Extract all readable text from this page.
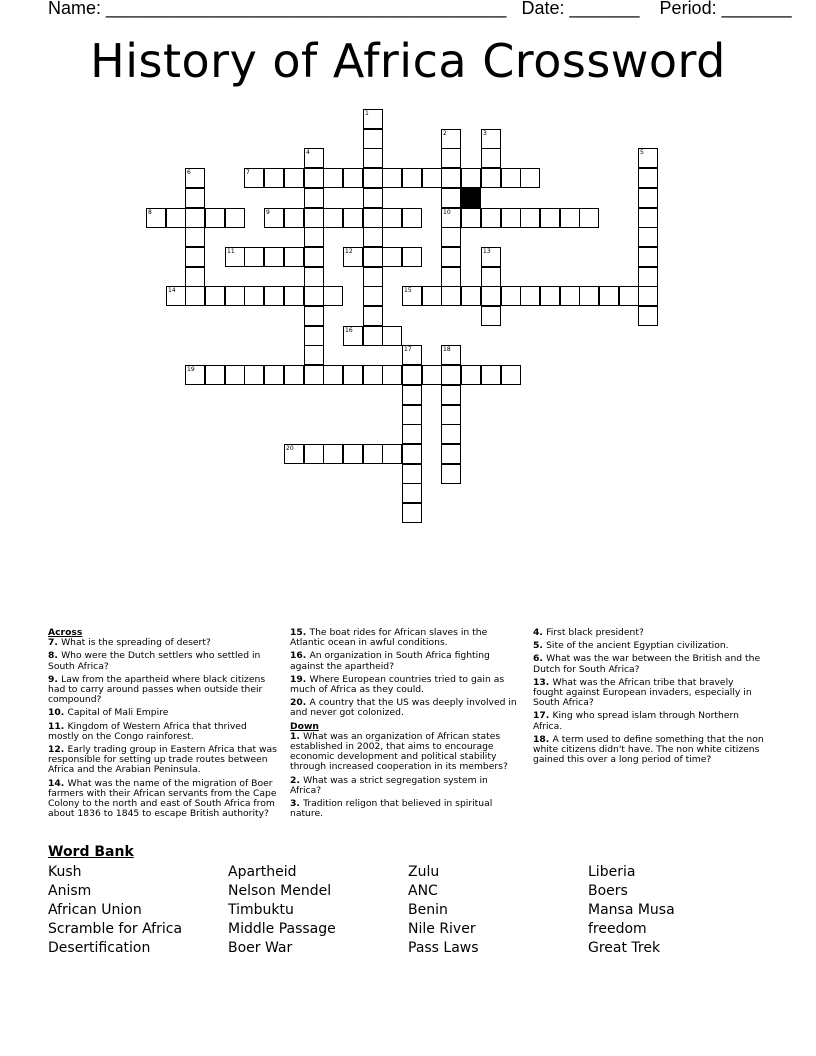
Name: ________________________________________   Date: _______    Period: _______
History of Africa Crossword
7
8	9	10
11	12
14	15
16
19
20
1
2	3
4	5
6
13
17	18
Across
7. What is the spreading of desert?
8. Who were the Dutch settlers who settled in South Africa?
9. Law from the apartheid where black citizens had to carry around passes when outside their compound?
10. Capital of Mali Empire
11. Kingdom of Western Africa that thrived mostly on the Congo rainforest.
12. Early trading group in Eastern Africa that was responsible for setting up trade routes between Africa and the Arabian Peninsula.
14. What was the name of the migration of Boer farmers with their African servants from the Cape Colony to the north and east of South Africa from about 1836 to 1845 to escape British authority?
15. The boat rides for African slaves in the Atlantic ocean in awful conditions.
16. An organization in South Africa fighting against the apartheid?
19. Where European countries tried to gain as much of Africa as they could.
20. A country that the US was deeply involved in and never got colonized.
Down
1. What was an organization of African states established in 2002, that aims to encourage economic development and political stability through increased cooperation in its members?
2. What was a strict segregation system in Africa?
3. Tradition religon that believed in spiritual nature.
4. First black president?
5. Site of the ancient Egyptian civilization.
6. What was the war between the British and the Dutch for South Africa?
13. What was the African tribe that bravely fought against European invaders, especially in South Africa?
17. King who spread islam through Northern Africa.
18. A term used to define something that the non white citizens didn't have. The non white citizens gained this over a long period of time?
Word Bank
Kush
Anism
African Union
Scramble for Africa
Desertification
Apartheid
Nelson Mendel
Timbuktu
Middle Passage
Boer War
Zulu
ANC
Benin
Nile River
Pass Laws
Liberia
Boers
Mansa Musa
freedom
Great Trek
